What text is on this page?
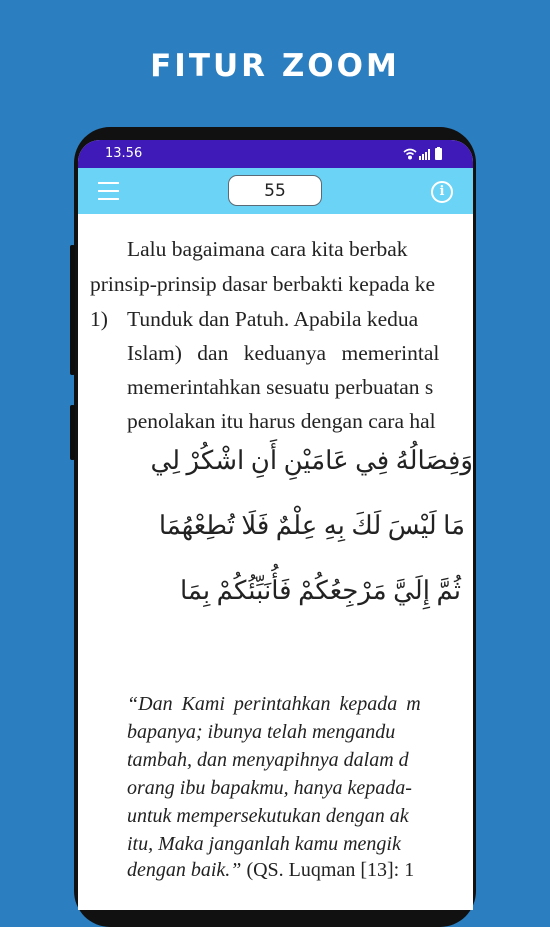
FITUR ZOOM
13.56
55	i
Lalu bagaimana cara kita berbak
prinsip-prinsip dasar berbakti kepada ke
1) Tunduk dan Patuh. Apabila kedua
Islam) dan keduanya memerintal
memerintahkan sesuatu perbuatan s
penolakan itu harus dengan cara hal
وَفِصَالُهُ فِي عَامَيْنِ أَنِ اشْكُرْ لِي
مَا لَيْسَ لَكَ بِهِ عِلْمٌ فَلَا تُطِعْهُمَا
ثُمَّ إِلَيَّ مَرْجِعُكُمْ فَأُنَبِّئُكُمْ بِمَا
“Dan Kami perintahkan kepada m
bapanya; ibunya telah mengandu
tambah, dan menyapihnya dalam d
orang ibu bapakmu, hanya kepada-
untuk mempersekutukan dengan ak
itu, Maka janganlah kamu mengik
dengan baik.” (QS. Luqman [13]: 1
